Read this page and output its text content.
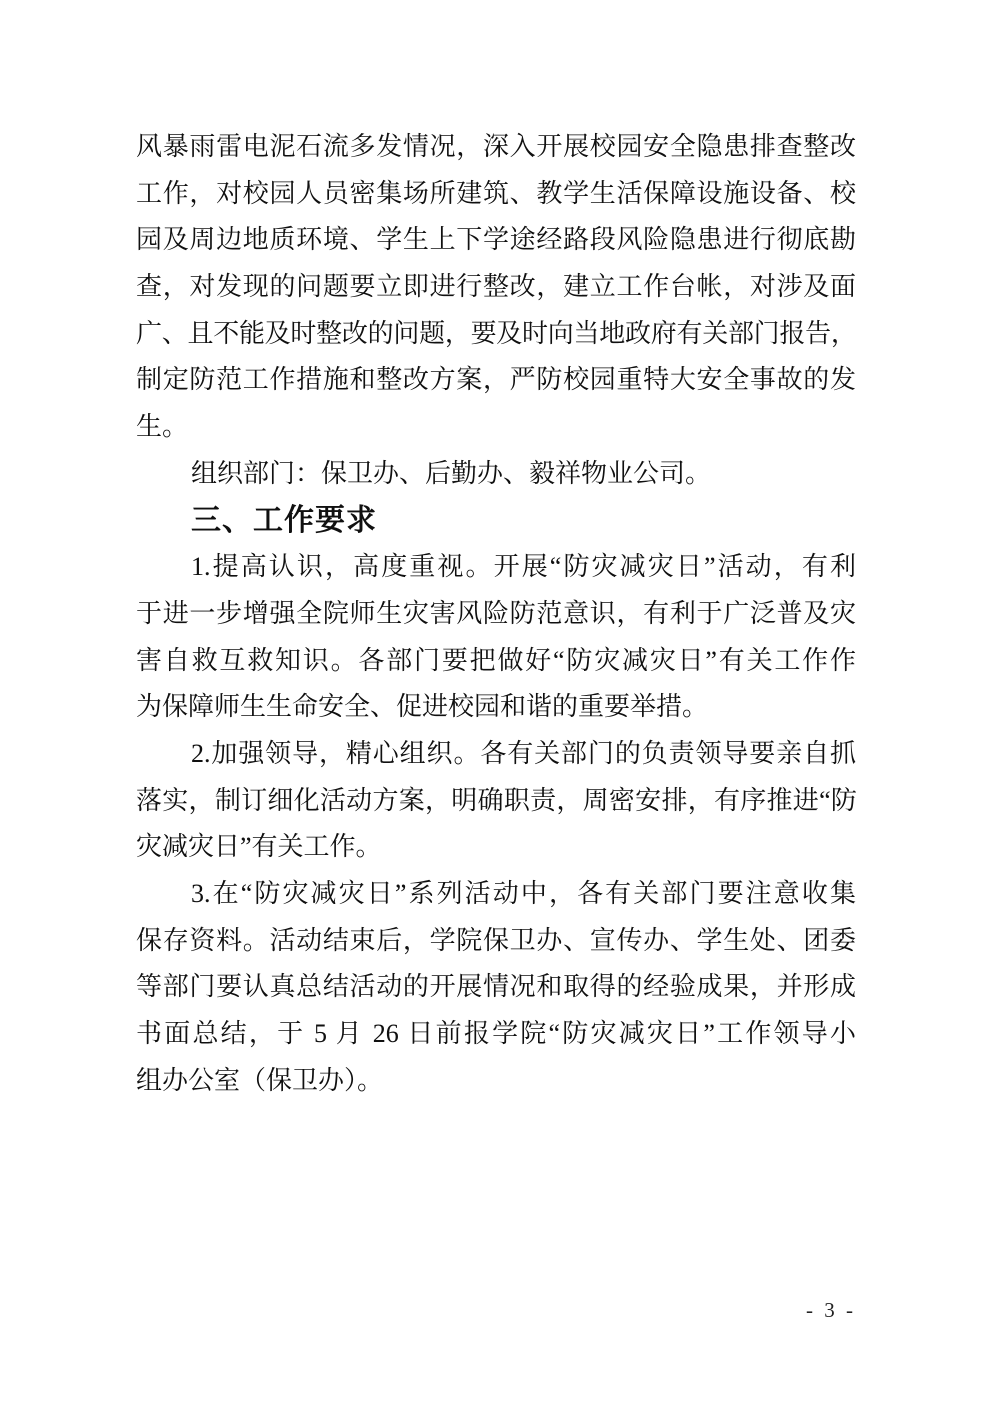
风暴雨雷电泥石流多发情况，深入开展校园安全隐患排查整改
工作，对校园人员密集场所建筑、教学生活保障设施设备、校
园及周边地质环境、学生上下学途经路段风险隐患进行彻底勘
查，对发现的问题要立即进行整改，建立工作台帐，对涉及面
广、且不能及时整改的问题，要及时向当地政府有关部门报告，
制定防范工作措施和整改方案，严防校园重特大安全事故的发
生。
组织部门：保卫办、后勤办、毅祥物业公司。
三、工作要求
1.提高认识，高度重视。开展“防灾减灾日”活动，有利
于进一步增强全院师生灾害风险防范意识，有利于广泛普及灾
害自救互救知识。各部门要把做好“防灾减灾日”有关工作作
为保障师生生命安全、促进校园和谐的重要举措。
2.加强领导，精心组织。各有关部门的负责领导要亲自抓
落实，制订细化活动方案，明确职责，周密安排，有序推进“防
灾减灾日”有关工作。
3.在“防灾减灾日”系列活动中，各有关部门要注意收集
保存资料。活动结束后，学院保卫办、宣传办、学生处、团委
等部门要认真总结活动的开展情况和取得的经验成果，并形成
书面总结，于 5 月 26 日前报学院“防灾减灾日”工作领导小
组办公室（保卫办）。
- 3 -
